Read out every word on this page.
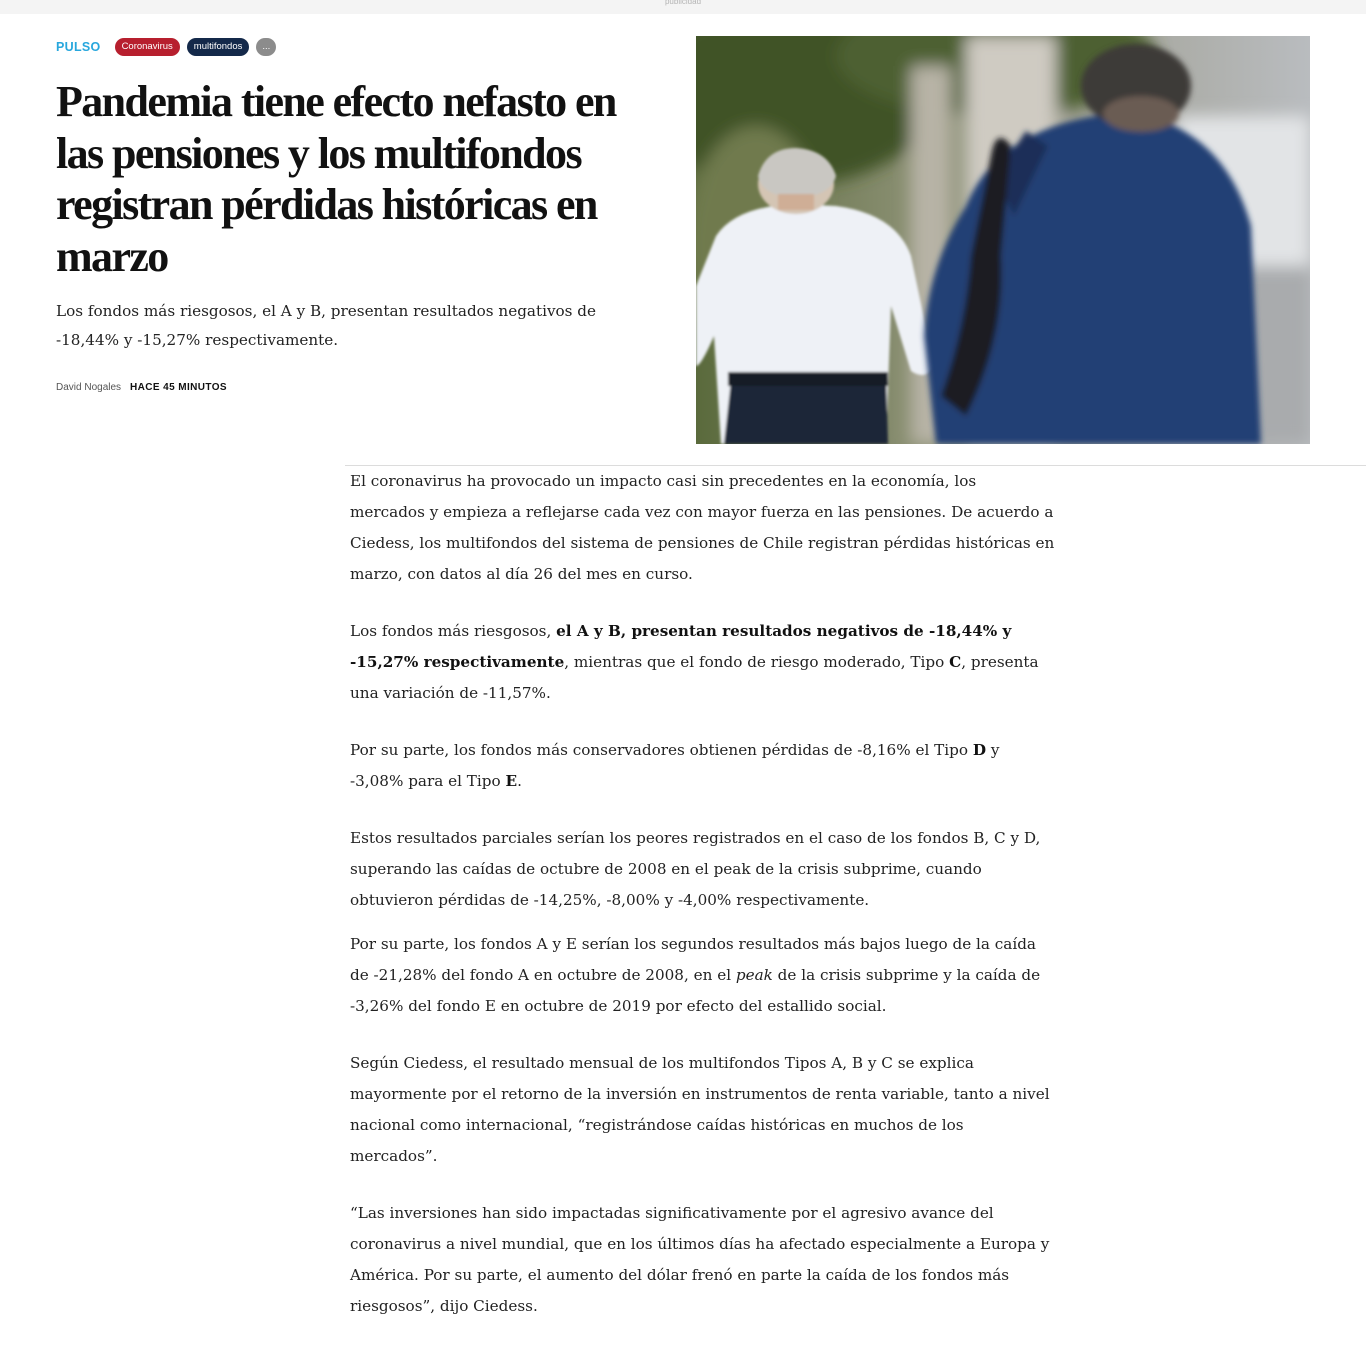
publicidad
PULSO	Coronavirus	multifondos	...
Pandemia tiene efecto nefasto en las pensiones y los multifondos registran pérdidas históricas en marzo

Los fondos más riesgosos, el A y B, presentan resultados negativos de -18,44% y -15,27% respectivamente.

David Nogales HACE 45 MINUTOS

El coronavirus ha provocado un impacto casi sin precedentes en la economía, los mercados y empieza a reflejarse cada vez con mayor fuerza en las pensiones. De acuerdo a Ciedess, los multifondos del sistema de pensiones de Chile registran pérdidas históricas en marzo, con datos al día 26 del mes en curso.

Los fondos más riesgosos, el A y B, presentan resultados negativos de -18,44% y -15,27% respectivamente, mientras que el fondo de riesgo moderado, Tipo C, presenta una variación de -11,57%.

Por su parte, los fondos más conservadores obtienen pérdidas de -8,16% el Tipo D y -3,08% para el Tipo E.

Estos resultados parciales serían los peores registrados en el caso de los fondos B, C y D, superando las caídas de octubre de 2008 en el peak de la crisis subprime, cuando obtuvieron pérdidas de -14,25%, -8,00% y -4,00% respectivamente.

Por su parte, los fondos A y E serían los segundos resultados más bajos luego de la caída de -21,28% del fondo A en octubre de 2008, en el peak de la crisis subprime y la caída de -3,26% del fondo E en octubre de 2019 por efecto del estallido social.

Según Ciedess, el resultado mensual de los multifondos Tipos A, B y C se explica mayormente por el retorno de la inversión en instrumentos de renta variable, tanto a nivel nacional como internacional, “registrándose caídas históricas en muchos de los mercados”.

“Las inversiones han sido impactadas significativamente por el agresivo avance del coronavirus a nivel mundial, que en los últimos días ha afectado especialmente a Europa y América. Por su parte, el aumento del dólar frenó en parte la caída de los fondos más riesgosos”, dijo Ciedess.
